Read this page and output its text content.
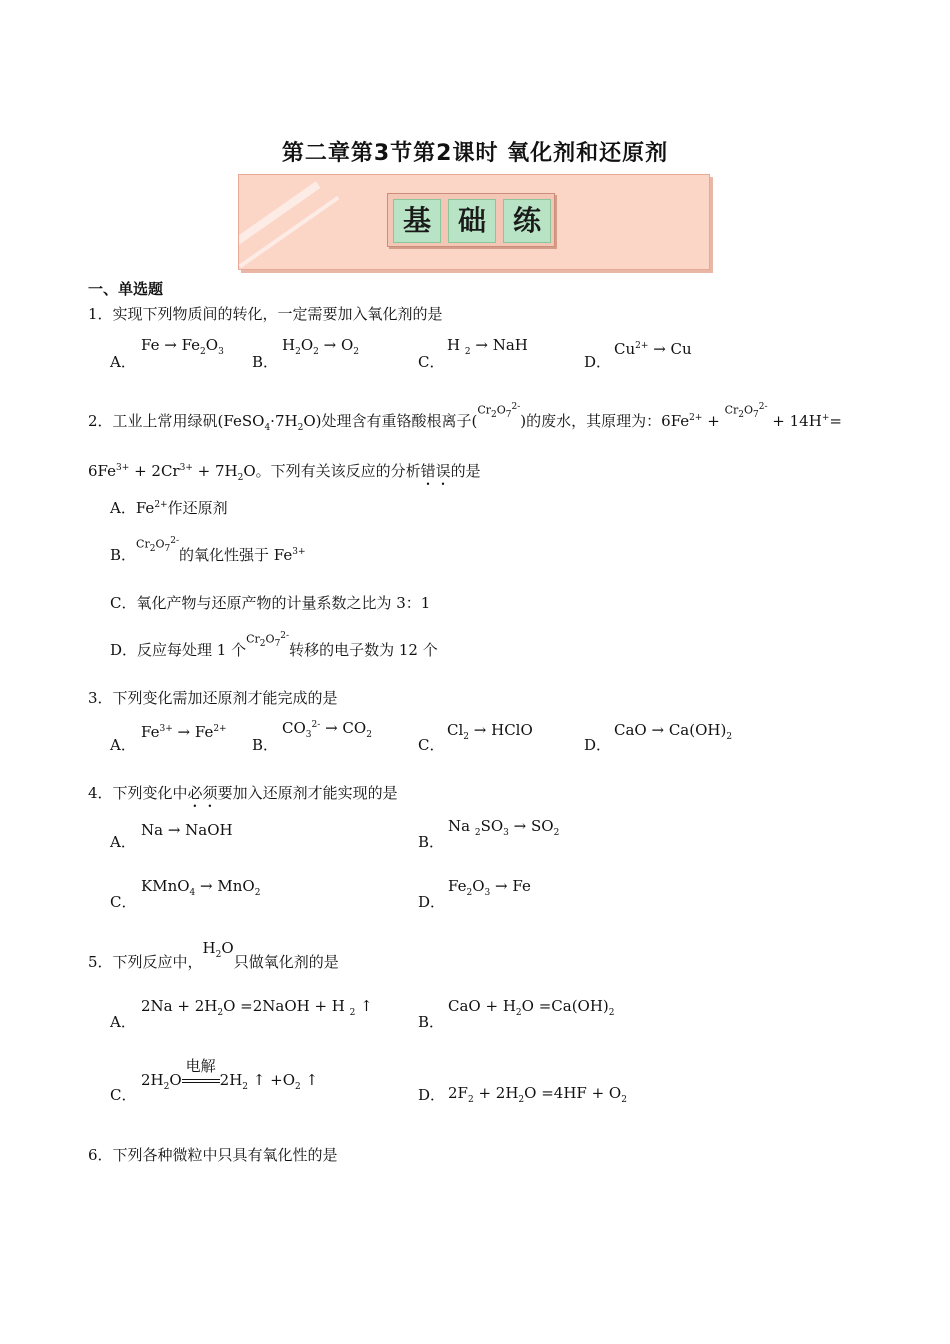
第二章第3节第2课时 氧化剂和还原剂
基 础 练
一、单选题
1．实现下列物质间的转化，一定需要加入氧化剂的是
A．
$Fe \to Fe_2O_3$
B．
$H_2O_2 \to O_2$
C．
H $_2$ → NaH
D．
$Cu^{2+} \to Cu$
2．工业上常用绿矾$(FeSO_4\cdot 7H_2O)$处理含有重铬酸根离子$(Cr_2O_7^{2-})$的废水，其原理为：$6Fe^{2+} + Cr_2O_7^{2-} + 14H^+=$
$6Fe^{3+} + 2Cr^{3+} + 7H_2O$。下列有关该反应的分析错误的是
A．$Fe^{2+}$作还原剂
B．$Cr_2O_7^{2-}$的氧化性强于 $Fe^{3+}$
C．氧化产物与还原产物的计量系数之比为 3：1
D．反应每处理 1 个$Cr_2O_7^{2-}$转移的电子数为 12 个
3．下列变化需加还原剂才能完成的是
A．
$Fe^{3+} \to Fe^{2+}$
B．
$CO_3^{2-} \to CO_2$
C．
$Cl_2$ → HClO
D．
CaO → $Ca(OH)_2$
4．下列变化中必须要加入还原剂才能实现的是
A．
Na → NaOH
B．
Na $_2SO_3 \to SO_2$
C．
KMnO$_4$ → MnO$_2$	D．
$Fe_2O_3 \to Fe$
5．下列反应中，$H_2O$只做氧化剂的是
A．
$2Na + 2H_2O$ =2NaOH + H $_2$ ↑
B．
CaO + $H_2O =Ca(OH)_2$
C．
$2H_2O$
电解
$2H_2$ ↑ $+O_2$ ↑
D． $2F_2 + 2H_2O =4HF + O_2$
6．下列各种微粒中只具有氧化性的是
